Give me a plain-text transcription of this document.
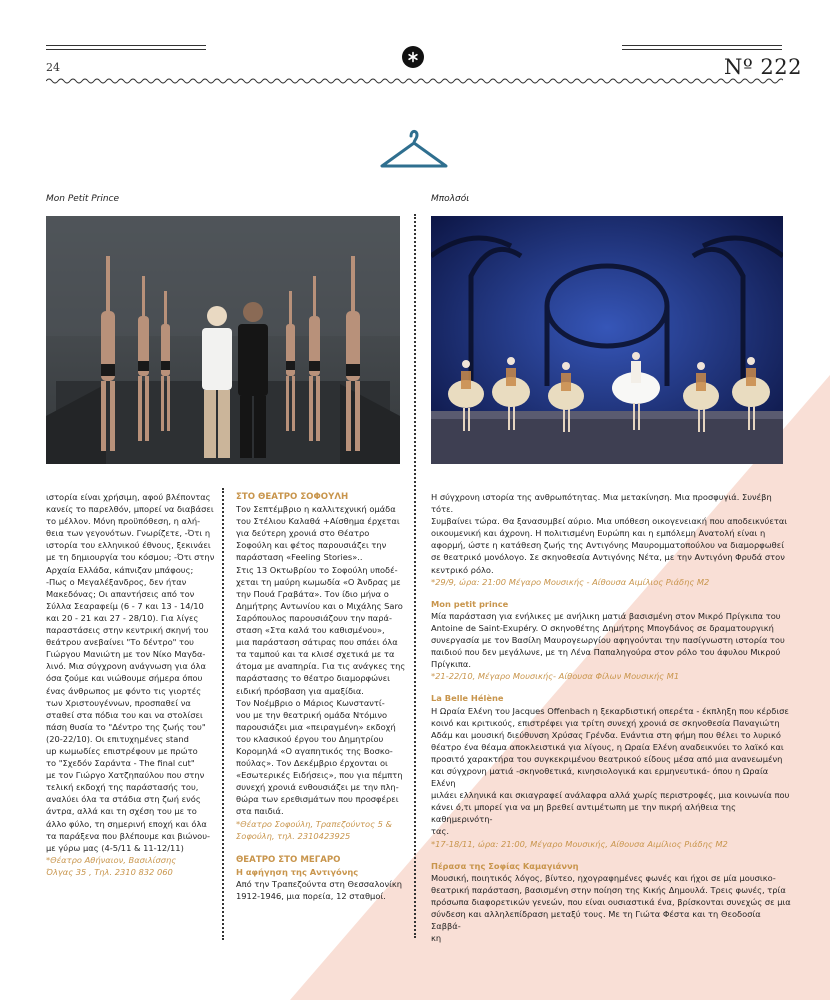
24	Nº 222
Mon Petit Prince	Μπολσόι

ιστορία είναι χρήσιμη, αφού βλέποντας

κανείς το παρελθόν, μπορεί να διαβάσει

το μέλλον. Μόνη προϋπόθεση, η αλή-

θεια των γεγονότων. Γνωρίζετε, -Ότι η

ιστορία του ελληνικού έθνους, ξεκινάει

με τη δημιουργία του κόσμου; -Ότι στην

Αρχαία Ελλάδα, κάπνιζαν μπάφους;

-Πως ο Μεγαλέξανδρος, δεν ήταν

Μακεδόνας; Οι απαντήσεις από τον

Σύλλα Σεαραφείμ (6 - 7 και 13 - 14/10

και 20 - 21 και 27 - 28/10). Για λίγες

παραστάσεις στην κεντρική σκηνή του

θεάτρου ανεβαίνει "Το δέντρο" του

Γιώργου Μανιώτη με τον Νίκο Μαγδα-

λινό. Μια σύγχρονη ανάγνωση για όλα

όσα ζούμε και νιώθουμε σήμερα όπου

ένας άνθρωπος με φόντο τις γιορτές

των Χριστουγέννων, προσπαθεί να

σταθεί στα πόδια του και να στολίσει

πάση θυσία το "Δέντρο της ζωής του"

(20-22/10). Οι επιτυχημένες stand

up κωμωδίες επιστρέφουν με πρώτο

το "Σχεδόν Σαράντα - The final cut"

με τον Γιώργο Χατζηπαύλου που στην

τελική εκδοχή της παράστασής του,

αναλύει όλα τα στάδια στη ζωή ενός

άντρα, αλλά και τη σχέση του με το

άλλο φύλο, τη σημερινή εποχή και όλα

τα παράξενα που βλέπουμε και βιώνου-

με γύρω μας (4-5/11 & 11-12/11)

*Θέατρο Αθήναιον, Βασιλίσσης
Όλγας 35 , Τηλ. 2310 832 060

ΣΤΟ ΘΕΑΤΡΟ ΣΟΦΟΥΛΗ

Τον Σεπτέμβριο η καλλιτεχνική ομάδα

του Στέλιου Καλαθά +Αίσθημα έρχεται

για δεύτερη χρονιά στο Θέατρο

Σοφούλη και φέτος παρουσιάζει την

παράσταση «Feeling Stories»..

Στις 13 Οκτωβρίου το Σοφούλη υποδέ-

χεται τη μαύρη κωμωδία «Ο Άνδρας με

την Πουά Γραβάτα». Τον ίδιο μήνα ο

Δημήτρης Αντωνίου και ο Μιχάλης Saro

Σαρόπουλος παρουσιάζουν την παρά-

σταση «Στα καλά του καθισμένου»,

μια παράσταση σάτιρας που σπάει όλα

τα ταμπού και τα κλισέ σχετικά με τα

άτομα με αναπηρία. Για τις ανάγκες της

παράστασης το θέατρο διαμορφώνει

ειδική πρόσβαση για αμαξίδια.

Τον Νοέμβριο ο Μάριος Κωνσταντί-

νου με την θεατρική ομάδα Ντόμινο

παρουσιάζει μια «πειραγμένη» εκδοχή

του κλασικού έργου του Δημητρίου

Κορομηλά «Ο αγαπητικός της Βοσκο-

πούλας». Τον Δεκέμβριο έρχονται οι

«Εσωτερικές Ειδήσεις», που για πέμπτη

συνεχή χρονιά ενθουσιάζει με την πλη-

θώρα των ερεθισμάτων που προσφέρει

στα παιδιά.

*Θέατρο Σοφούλη, Τραπεζούντος 5 &
Σοφούλη, τηλ. 2310423925

ΘΕΑΤΡΟ ΣΤΟ ΜΕΓΑΡΟ

Η αφήγηση της Αντιγόνης

Από την Τραπεζούντα στη Θεσσαλονίκη

1912-1946, μια πορεία, 12 σταθμοί.

Η σύγχρονη ιστορία της ανθρωπότητας. Μια μετακίνηση. Μια προσφυγιά. Συνέβη τότε.

Συμβαίνει τώρα. Θα ξανασυμβεί αύριο. Μια υπόθεση οικογενειακή που αποδεικνύεται

οικουμενική και άχρονη. Η πολιτισμένη Ευρώπη και η εμπόλεμη Ανατολή είναι η

αφορμή, ώστε η κατάθεση ζωής της Αντιγόνης Μαυρομματοπούλου να διαμορφωθεί

σε θεατρικό μονόλογο. Σε σκηνοθεσία Αντιγόνης Νέτα, με την Αντιγόνη Φρυδά στον

κεντρικό ρόλο.

*29/9, ώρα: 21:00 Μέγαρο Μουσικής - Αίθουσα Αιμίλιος Ριάδης Μ2

Mon petit prince

Μία παράσταση για ενήλικες με ανήλικη ματιά βασισμένη στον Μικρό Πρίγκιπα του

Antoine de Saint-Exupéry. Ο σκηνοθέτης Δημήτρης Μπογδάνος σε δραματουργική

συνεργασία με τον Βασίλη Μαυρογεωργίου αφηγούνται την πασίγνωστη ιστορία του

παιδιού που δεν μεγάλωνε, με τη Λένα Παπαληγούρα στον ρόλο του άφυλου Μικρού

Πρίγκιπα.

*21-22/10, Μέγαρο Μουσικής- Αίθουσα Φίλων Μουσικής Μ1

La Belle Hélène

Η Ωραία Ελένη του Jacques Offenbach η ξεκαρδιστική οπερέτα - έκπληξη που κέρδισε

κοινό και κριτικούς, επιστρέφει για τρίτη συνεχή χρονιά σε σκηνοθεσία Παναγιώτη

Αδάμ και μουσική διεύθυνση Χρύσας Γρένδα. Ενάντια στη φήμη που θέλει το λυρικό

θέατρο ένα θέαμα αποκλειστικά για λίγους, η Ωραία Ελένη αναδεικνύει το λαϊκό και

προσιτό χαρακτήρα του συγκεκριμένου θεατρικού είδους μέσα από μια ανανεωμένη

και σύγχρονη ματιά -σκηνοθετικά, κινησιολογικά και ερμηνευτικά- όπου η Ωραία Ελένη

μιλάει ελληνικά και σκιαγραφεί ανάλαφρα αλλά χωρίς περιστροφές, μια κοινωνία που

κάνει ό,τι μπορεί για να μη βρεθεί αντιμέτωπη με την πικρή αλήθεια της καθημερινότη-

τας.

*17-18/11, ώρα: 21:00, Μέγαρο Μουσικής, Αίθουσα Αιμίλιος Ριάδης Μ2

Πέρασα της Σοφίας Καμαγιάννη

Μουσική, ποιητικός λόγος, βίντεο, ηχογραφημένες φωνές και ήχοι σε μία μουσικο-

θεατρική παράσταση, βασισμένη στην ποίηση της Κικής Δημουλά. Τρεις φωνές, τρία

πρόσωπα διαφορετικών γενεών, που είναι ουσιαστικά ένα, βρίσκονται συνεχώς σε μια

σύνδεση και αλληλεπίδραση μεταξύ τους. Με τη Γιώτα Φέστα και τη Θεοδοσία Σαββά-

κη
